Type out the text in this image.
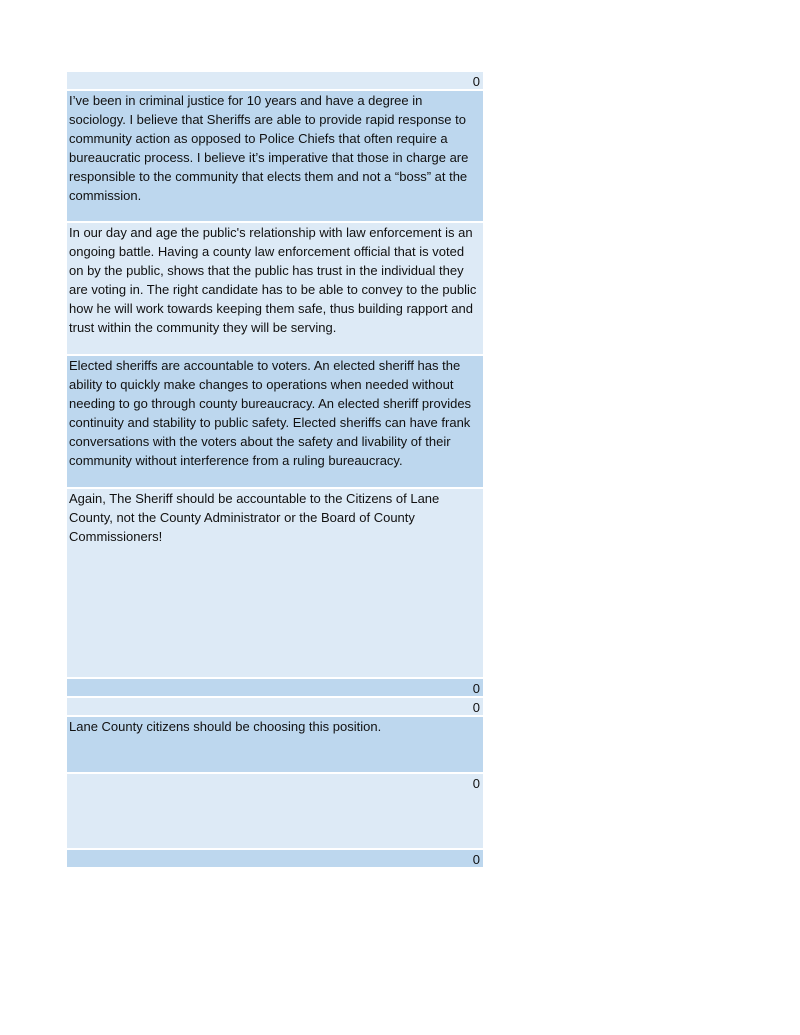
0
I’ve been in criminal justice for 10 years and have a degree in sociology. I believe that Sheriffs are able to provide rapid response to community action as opposed to Police Chiefs that often require a bureaucratic process. I believe it’s imperative that those in charge are responsible to the community that elects them and not a “boss” at the commission.
In our day and age the public's relationship with law enforcement is an ongoing battle. Having a county law enforcement official that is voted on by the public, shows that the public has trust in the individual they are voting in. The right candidate has to be able to convey to the public how he will work towards keeping them safe, thus building rapport and trust within the community they will be serving.
Elected sheriffs are accountable to voters. An elected sheriff has the ability to quickly make changes to operations when needed without needing to go through county bureaucracy. An elected sheriff provides continuity and stability to public safety. Elected sheriffs can have frank conversations with the voters about the safety and livability of their community without interference from a ruling bureaucracy.
Again, The Sheriff should be accountable to the Citizens of Lane County, not the County Administrator or the Board of County Commissioners!
0
0
Lane County citizens should be choosing this position.
0
0
